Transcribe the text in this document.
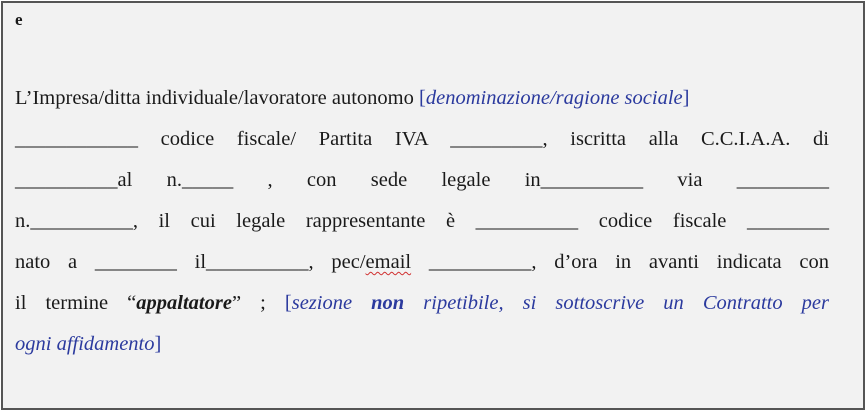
e
L’Impresa/ditta individuale/lavoratore autonomo [denominazione/ragione sociale]
____________ codice fiscale/ Partita IVA _________, iscritta alla C.C.I.A.A. di
__________al n._____ , con sede legale in__________ via _________
n.__________, il cui legale rappresentante è __________ codice fiscale ________
nato a ________ il__________, pec/email __________, d’ora in avanti indicata con
il termine “appaltatore” ; [sezione non ripetibile, si sottoscrive un Contratto per
ogni affidamento]
